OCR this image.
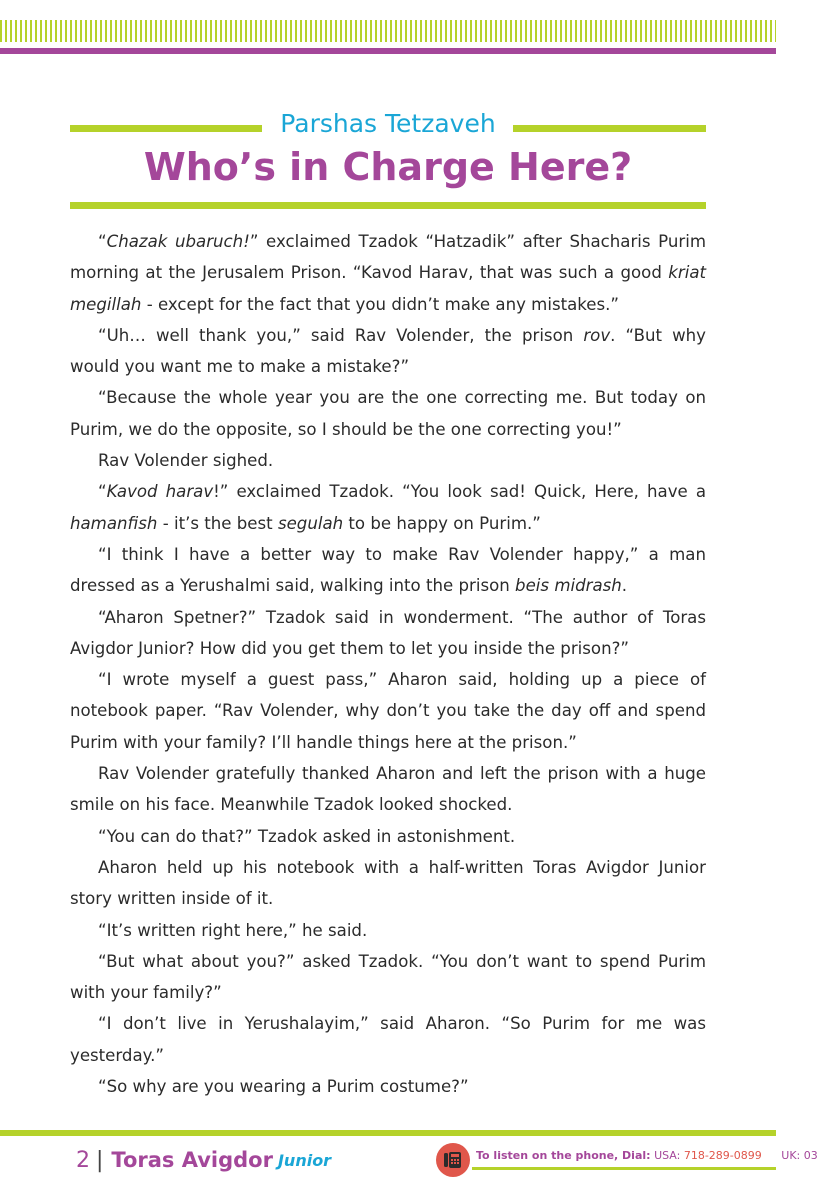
Parshas Tetzaveh
Who’s in Charge Here?

“Chazak ubaruch!” exclaimed Tzadok “Hatzadik” after Shacharis Purim morning at the Jerusalem Prison. “Kavod Harav, that was such a good kriat megillah - except for the fact that you didn’t make any mistakes.”

“Uh… well thank you,” said Rav Volender, the prison rov. “But why would you want me to make a mistake?”

“Because the whole year you are the one correcting me. But today on Purim, we do the opposite, so I should be the one correcting you!”

Rav Volender sighed.

“Kavod harav!” exclaimed Tzadok. “You look sad! Quick, Here, have a hamanfish - it’s the best segulah to be happy on Purim.”

“I think I have a better way to make Rav Volender happy,” a man dressed as a Yerushalmi said, walking into the prison beis midrash.

“Aharon Spetner?” Tzadok said in wonderment. “The author of Toras Avigdor Junior? How did you get them to let you inside the prison?”

“I wrote myself a guest pass,” Aharon said, holding up a piece of notebook paper. “Rav Volender, why don’t you take the day off and spend Purim with your family? I’ll handle things here at the prison.”

Rav Volender gratefully thanked Aharon and left the prison with a huge smile on his face. Meanwhile Tzadok looked shocked.

“You can do that?” Tzadok asked in astonishment.

Aharon held up his notebook with a half-written Toras Avigdor Junior story written inside of it.

“It’s written right here,” he said.

“But what about you?” asked Tzadok. “You don’t want to spend Purim with your family?”

“I don’t live in Yerushalayim,” said Aharon. “So Purim for me was yesterday.”

“So why are you wearing a Purim costume?”

2 | Toras Avigdor Junior	To listen on the phone, Dial: USA: 718-289-0899 UK: 03
